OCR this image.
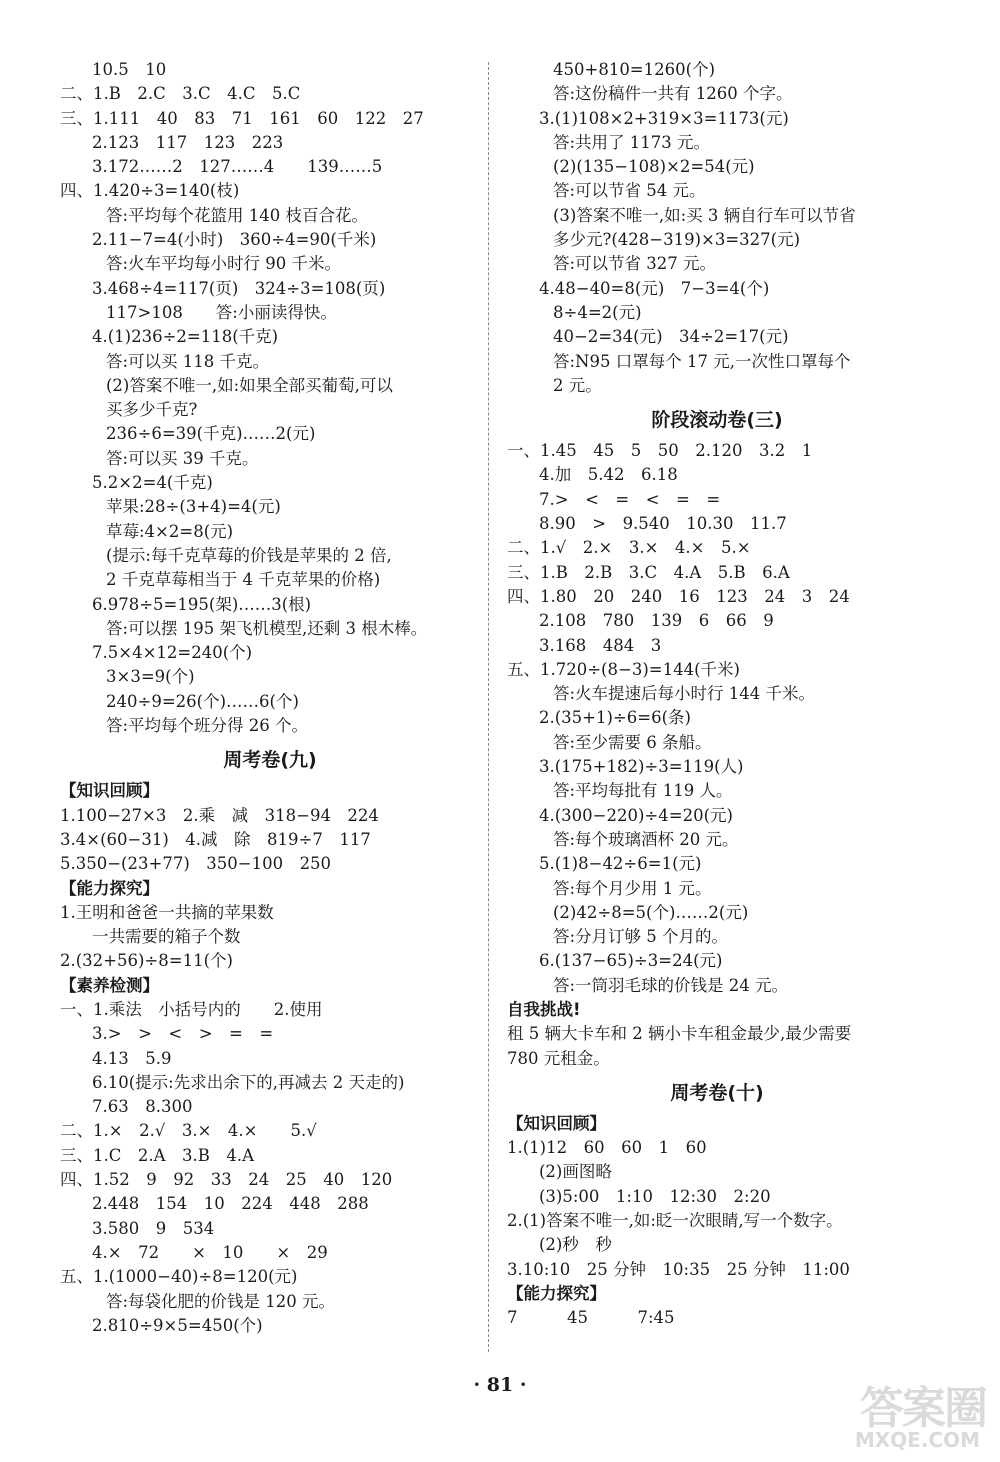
10.5　10
二、1.B　2.C　3.C　4.C　5.C
三、1.111　40　83　71　161　60　122　27
2.123　117　123　223
3.172……2　127……4　　139……5
四、1.420÷3=140(枝)
答:平均每个花篮用 140 枝百合花。
2.11−7=4(小时)　360÷4=90(千米)
答:火车平均每小时行 90 千米。
3.468÷4=117(页)　324÷3=108(页)
117>108　　答:小丽读得快。
4.(1)236÷2=118(千克)
答:可以买 118 千克。
(2)答案不唯一,如:如果全部买葡萄,可以
买多少千克?
236÷6=39(千克)……2(元)
答:可以买 39 千克。
5.2×2=4(千克)
苹果:28÷(3+4)=4(元)
草莓:4×2=8(元)
(提示:每千克草莓的价钱是苹果的 2 倍,
2 千克草莓相当于 4 千克苹果的价格)
6.978÷5=195(架)……3(根)
答:可以摆 195 架飞机模型,还剩 3 根木棒。
7.5×4×12=240(个)
3×3=9(个)
240÷9=26(个)……6(个)
答:平均每个班分得 26 个。
周考卷(九)
【知识回顾】
1.100−27×3　2.乘　减　318−94　224
3.4×(60−31)　4.减　除　819÷7　117
5.350−(23+77)　350−100　250
【能力探究】
1.王明和爸爸一共摘的苹果数
一共需要的箱子个数
2.(32+56)÷8=11(个)
【素养检测】
一、1.乘法　小括号内的　　2.使用
3.>　>　<　>　=　=
4.13　5.9
6.10(提示:先求出余下的,再减去 2 天走的)
7.63　8.300
二、1.×　2.√　3.×　4.×　　5.√
三、1.C　2.A　3.B　4.A
四、1.52　9　92　33　24　25　40　120
2.448　154　10　224　448　288
3.580　9　534
4.×　72　　×　10　　×　29
五、1.(1000−40)÷8=120(元)
答:每袋化肥的价钱是 120 元。
2.810÷9×5=450(个)
450+810=1260(个)
答:这份稿件一共有 1260 个字。
3.(1)108×2+319×3=1173(元)
答:共用了 1173 元。
(2)(135−108)×2=54(元)
答:可以节省 54 元。
(3)答案不唯一,如:买 3 辆自行车可以节省
多少元?(428−319)×3=327(元)
答:可以节省 327 元。
4.48−40=8(元)　7−3=4(个)
8÷4=2(元)
40−2=34(元)　34÷2=17(元)
答:N95 口罩每个 17 元,一次性口罩每个
2 元。
阶段滚动卷(三)
一、1.45　45　5　50　2.120　3.2　1
4.加　5.42　6.18
7.>　<　=　<　=　=
8.90　>　9.540　10.30　11.7
二、1.√　2.×　3.×　4.×　5.×
三、1.B　2.B　3.C　4.A　5.B　6.A
四、1.80　20　240　16　123　24　3　24
2.108　780　139　6　66　9
3.168　484　3
五、1.720÷(8−3)=144(千米)
答:火车提速后每小时行 144 千米。
2.(35+1)÷6=6(条)
答:至少需要 6 条船。
3.(175+182)÷3=119(人)
答:平均每批有 119 人。
4.(300−220)÷4=20(元)
答:每个玻璃酒杯 20 元。
5.(1)8−42÷6=1(元)
答:每个月少用 1 元。
(2)42÷8=5(个)……2(元)
答:分月订够 5 个月的。
6.(137−65)÷3=24(元)
答:一筒羽毛球的价钱是 24 元。
自我挑战!
租 5 辆大卡车和 2 辆小卡车租金最少,最少需要
780 元租金。
周考卷(十)
【知识回顾】
1.(1)12　60　60　1　60
(2)画图略
(3)5:00　1:10　12:30　2:20
2.(1)答案不唯一,如:眨一次眼睛,写一个数字。
(2)秒　秒
3.10:10　25 分钟　10:35　25 分钟　11:00
【能力探究】
7　　　45　　　7:45
· 81 ·	答案圈
MXQE.COM
